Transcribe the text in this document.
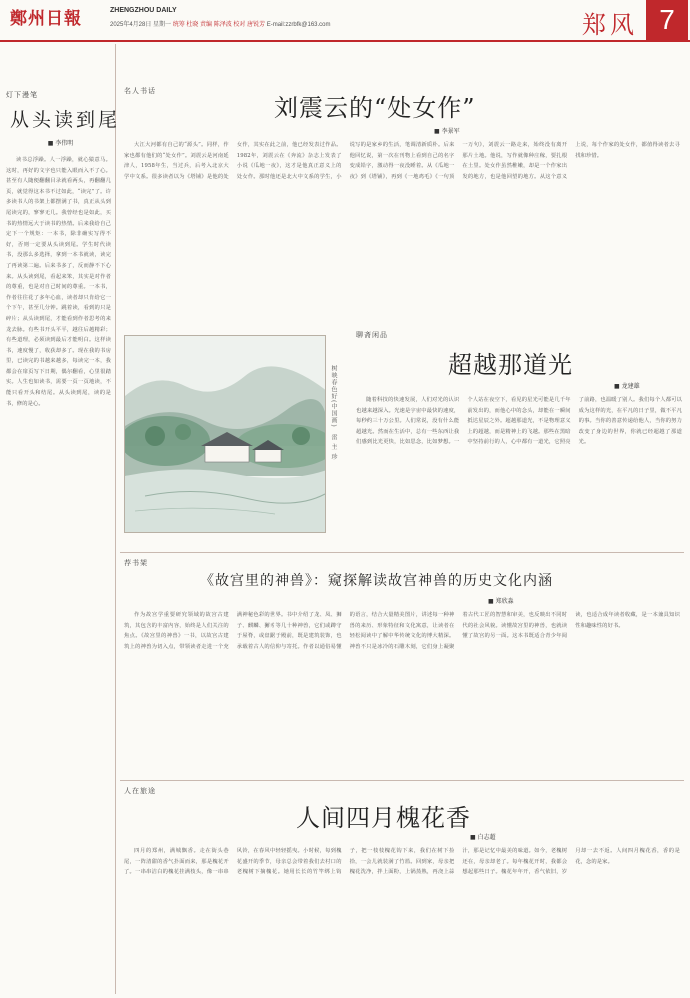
鄭州日報	ZHENGZHOU DAILY
2025年4月28日 星期一 统筹 杜晓 责编 陈泽波 校对 唐锐芳 E-mail:zzrbfk@163.com	郑风 7
灯下漫笔
从头读到尾
■ 李伟明
读书总浮躁。人一浮躁，就心猿意马。这时，再好的文字也只能入眼而入不了心。甚至有人随便翻翻目录就看两头，再翻翻几页，就觉得这本书不过如此，“读完”了。许多读书人的书架上都摆满了书，真正从头到尾读完的，寥寥无几。我曾经也是如此，买书的热情远大于读书的热情。后来我给自己定下一个规矩：一本书，除非确实写得不好，否则一定要从头读到尾。学生时代读书，没那么多选择，拿到一本书就读，读完了再读第二遍。后来书多了，反而静不下心来。从头读到尾，看起来笨，其实是对作者的尊重，也是对自己时间的尊重。一本书，作者往往花了多年心血，读者却只肯给它一个下午，甚至几分钟。跳着读，看到的只是碎片；从头读到尾，才能看到作者思考的来龙去脉。有些书开头平平，越往后越精彩；有些道理，必须读到最后才能明白。这样读书，速度慢了，收获却多了。现在我的书房里，已读完的书越来越多，每读完一本，我都会在扉页写下日期，偶尔翻看，心里很踏实。人生也如读书，需要一页一页地读，不能只看开头和结尾。从头读到尾，读的是书，修的是心。
名人书话
刘震云的“处女作”
■ 李景军
大江大河都有自己的“源头”。同样，作家也都有他们的“处女作”。刘震云是河南延津人，1958年生，当过兵，后考入北京大学中文系。很多读者以为《塔铺》是他的处女作，其实在此之前，他已经发表过作品。1982年，刘震云在《奔流》杂志上发表了小说《瓜地一夜》，这才是他真正意义上的处女作。那时他还是北大中文系的学生，小说写的是家乡的生活，笔调清新质朴。后来他回忆说，第一次在刊物上看到自己的名字变成铅字，激动得一夜没睡着。从《瓜地一夜》到《塔铺》，再到《一地鸡毛》《一句顶一万句》，刘震云一路走来，始终没有离开那片土地。他说，写作就像种庄稼，要扎根在土里。处女作虽然稚嫩，却是一个作家出发的地方，也是他回望的地方。从这个意义上说，每个作家的处女作，都值得读者去寻找和珍惜。
聊斋闲品
超越那道光
■ 龙建雄
随着科技的快速发展，人们对光的认识也越来越深入。光速是宇宙中最快的速度，每秒约三十万公里。人们常说，没有什么能超越光。然而在生活中，总有一些东西让我们感到比光更快，比如思念，比如梦想。一个人站在夜空下，看见的星光可能是几千年前发出的，而他心中的念头，却能在一瞬间抵达星辰之外。超越那道光，不是物理意义上的超越，而是精神上的飞越。那些在黑暗中坚持前行的人，心中都有一道光，它照亮了前路，也温暖了别人。我们每个人都可以成为这样的光，在平凡的日子里，做不平凡的事。当你的善意传递给他人，当你的努力改变了身边的世界，你就已经超越了那道光。
树映春色好(中国画)
雷 主 珍
荐书架
《故宫里的神兽》：窥探解读故宫神兽的历史文化内涵
■ 郑欣淼
作为故宫学重要研究领域的故宫古建筑，其包含的丰富内容，始终是人们关注的焦点。《故宫里的神兽》一书，以故宫古建筑上的神兽为切入点，带领读者走进一个充满神秘色彩的世界。书中介绍了龙、凤、狮子、麒麟、獬豸等几十种神兽，它们或蹲守于屋脊，或盘踞于殿前，既是建筑装饰，也承载着古人的信仰与寄托。作者以通俗易懂的语言，结合大量精美图片，讲述每一种神兽的来历、形象特征和文化寓意，让读者在轻松阅读中了解中华传统文化的博大精深。神兽不只是冰冷的石雕木刻，它们身上凝聚着古代工匠的智慧和审美，也反映出不同时代的社会风貌。读懂故宫里的神兽，也就读懂了故宫的另一面。这本书既适合青少年阅读，也适合成年读者收藏，是一本兼具知识性和趣味性的好书。
人在旅途
人间四月槐花香
■ 白志超
四月的郑州，满城飘香。走在街头巷尾，一阵清甜的香气扑面而来，那是槐花开了。一串串洁白的槐花挂满枝头，像一串串风铃，在春风中轻轻摇曳。小时候，每到槐花盛开的季节，母亲总会带着我们去村口的老槐树下摘槐花。她用长长的竹竿绑上钩子，把一枝枝槐花钩下来，我们在树下捡拾，一会儿就装满了竹篮。回到家，母亲把槐花洗净，拌上面粉，上锅蒸熟，再浇上蒜汁，那是记忆中最美的味道。如今，老槐树还在，母亲却老了。每年槐花开时，我都会想起那些日子。槐花年年开，香气依旧，岁月却一去不返。人间四月槐花香，香的是花，念的是家。
